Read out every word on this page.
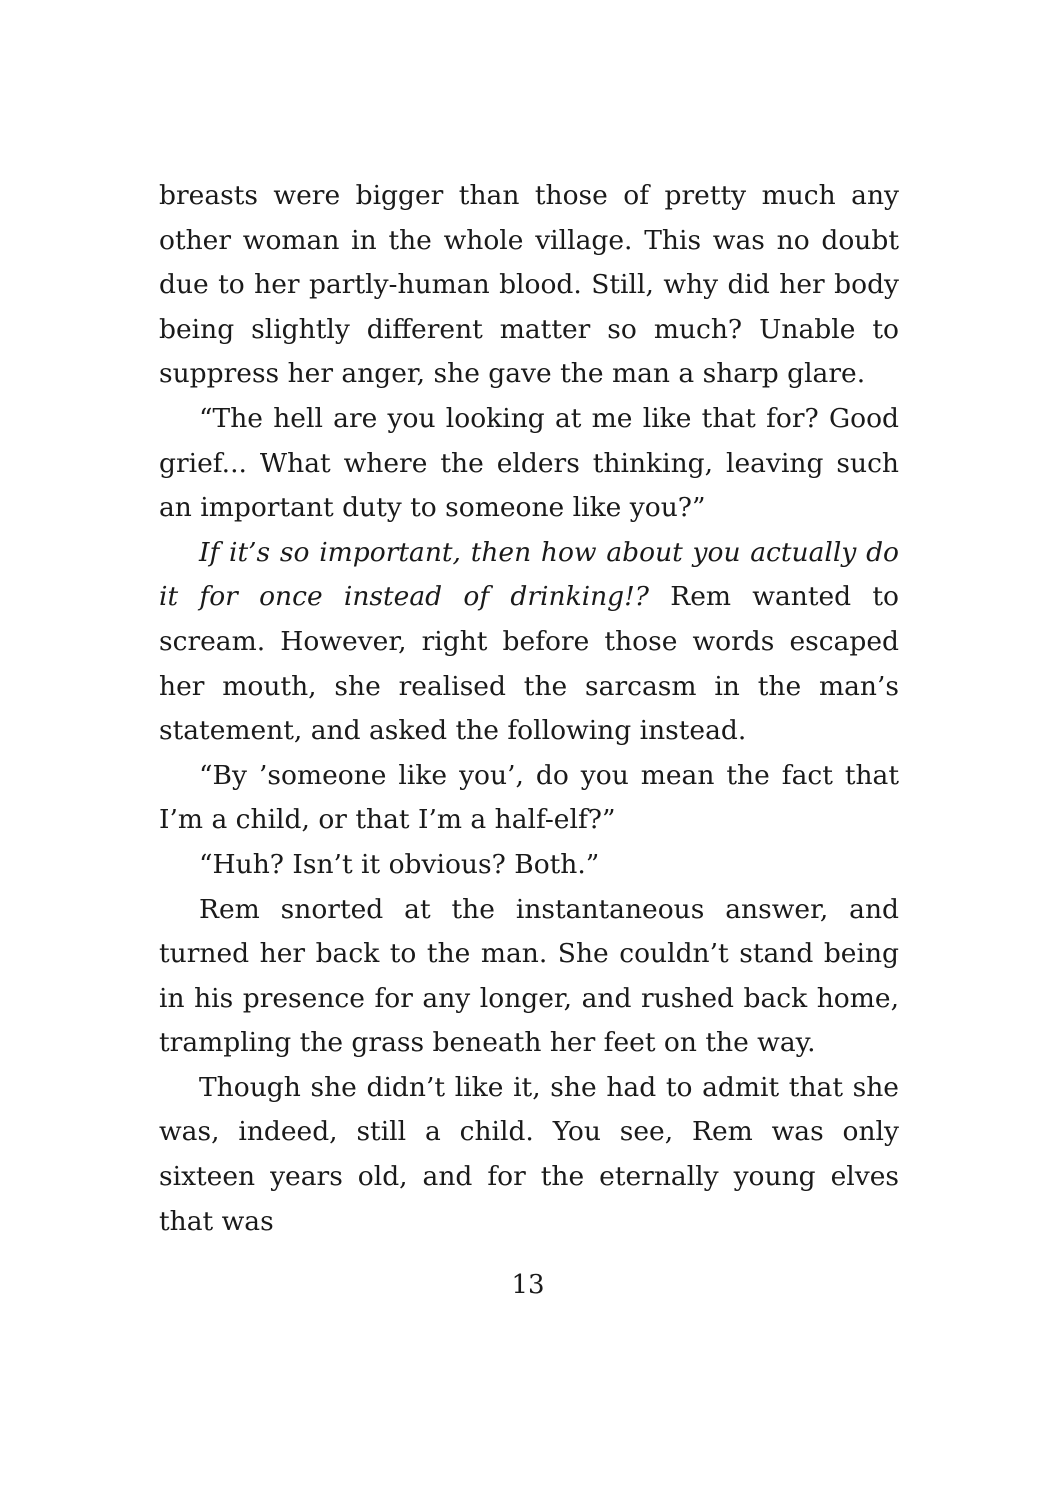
breasts were bigger than those of pretty much any other woman in the whole village. This was no doubt due to her partly-human blood. Still, why did her body being slightly different matter so much? Unable to suppress her anger, she gave the man a sharp glare.

“The hell are you looking at me like that for? Good grief... What where the elders thinking, leaving such an important duty to someone like you?”

If it’s so important, then how about you actually do it for once instead of drinking!? Rem wanted to scream. However, right before those words escaped her mouth, she realised the sarcasm in the man’s statement, and asked the following instead.

“By ’someone like you’, do you mean the fact that I’m a child, or that I’m a half-elf?”

“Huh? Isn’t it obvious? Both.”

Rem snorted at the instantaneous answer, and turned her back to the man. She couldn’t stand being in his presence for any longer, and rushed back home, trampling the grass beneath her feet on the way.

Though she didn’t like it, she had to admit that she was, indeed, still a child. You see, Rem was only sixteen years old, and for the eternally young elves that was

13
